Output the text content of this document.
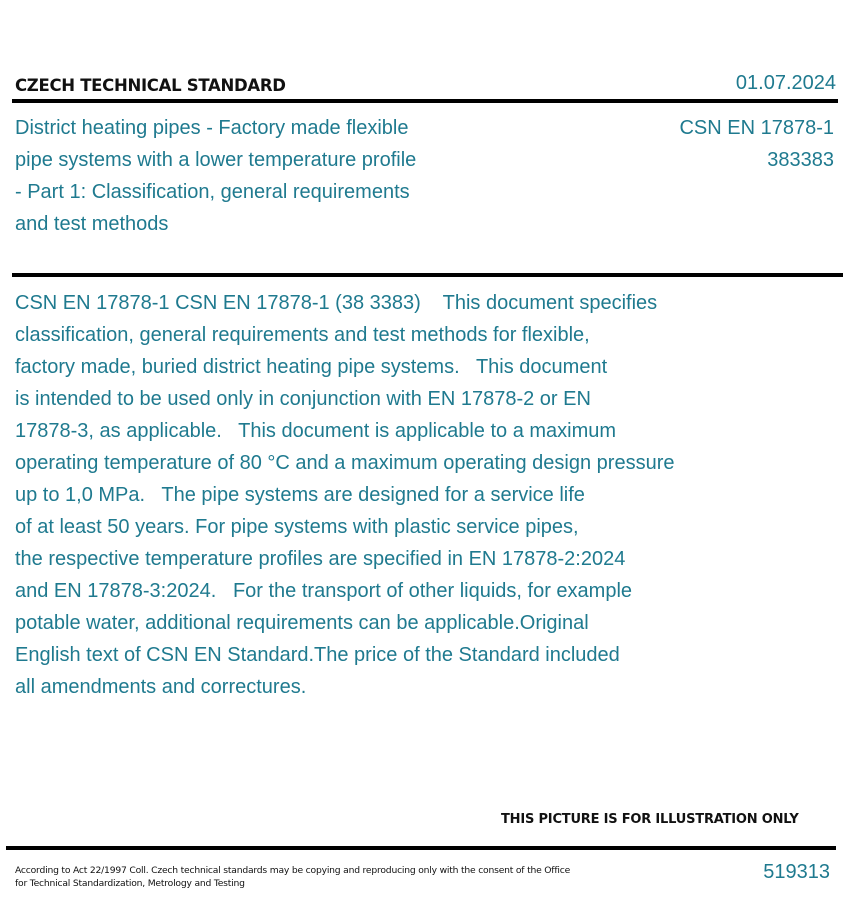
CZECH TECHNICAL STANDARD	01.07.2024
District heating pipes - Factory made flexible
pipe systems with a lower temperature profile
- Part 1: Classification, general requirements
and test methods
CSN EN 17878-1
383383
CSN EN 17878-1 CSN EN 17878-1 (38 3383)    This document specifies
classification, general requirements and test methods for flexible,
factory made, buried district heating pipe systems.   This document
is intended to be used only in conjunction with EN 17878-2 or EN
17878-3, as applicable.   This document is applicable to a maximum
operating temperature of 80 °C and a maximum operating design pressure
up to 1,0 MPa.   The pipe systems are designed for a service life
of at least 50 years. For pipe systems with plastic service pipes,
the respective temperature profiles are specified in EN 17878-2:2024
and EN 17878-3:2024.   For the transport of other liquids, for example
potable water, additional requirements can be applicable.Original
English text of CSN EN Standard.The price of the Standard included
all amendments and correctures.
THIS PICTURE IS FOR ILLUSTRATION ONLY
According to Act 22/1997 Coll. Czech technical standards may be copying and reproducing only with the consent of the Office
for Technical Standardization, Metrology and Testing
519313
